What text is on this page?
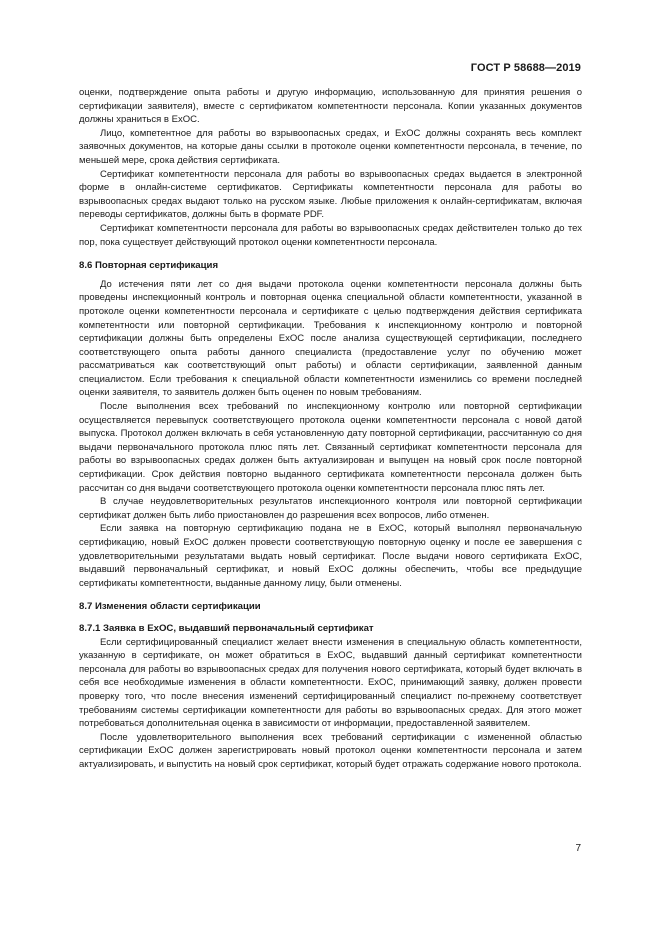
ГОСТ Р 58688—2019

оценки, подтверждение опыта работы и другую информацию, использованную для принятия решения о сертификации заявителя), вместе с сертификатом компетентности персонала. Копии указанных документов должны храниться в ExOC.

Лицо, компетентное для работы во взрывоопасных средах, и ExOC должны сохранять весь комплект заявочных документов, на которые даны ссылки в протоколе оценки компетентности персонала, в течение, по меньшей мере, срока действия сертификата.

Сертификат компетентности персонала для работы во взрывоопасных средах выдается в электронной форме в онлайн-системе сертификатов. Сертификаты компетентности персонала для работы во взрывоопасных средах выдают только на русском языке. Любые приложения к онлайн-сертификатам, включая переводы сертификатов, должны быть в формате PDF.

Сертификат компетентности персонала для работы во взрывоопасных средах действителен только до тех пор, пока существует действующий протокол оценки компетентности персонала.

8.6 Повторная сертификация

До истечения пяти лет со дня выдачи протокола оценки компетентности персонала должны быть проведены инспекционный контроль и повторная оценка специальной области компетентности, указанной в протоколе оценки компетентности персонала и сертификате с целью подтверждения действия сертификата компетентности или повторной сертификации. Требования к инспекционному контролю и повторной сертификации должны быть определены ExOC после анализа существующей сертификации, последнего соответствующего опыта работы данного специалиста (предоставление услуг по обучению может рассматриваться как соответствующий опыт работы) и области сертификации, заявленной данным специалистом. Если требования к специальной области компетентности изменились со времени последней оценки заявителя, то заявитель должен быть оценен по новым требованиям.

После выполнения всех требований по инспекционному контролю или повторной сертификации осуществляется перевыпуск соответствующего протокола оценки компетентности персонала с новой датой выпуска. Протокол должен включать в себя установленную дату повторной сертификации, рассчитанную со дня выдачи первоначального протокола плюс пять лет. Связанный сертификат компетентности персонала для работы во взрывоопасных средах должен быть актуализирован и выпущен на новый срок после повторной сертификации. Срок действия повторно выданного сертификата компетентности персонала должен быть рассчитан со дня выдачи соответствующего протокола оценки компетентности персонала плюс пять лет.

В случае неудовлетворительных результатов инспекционного контроля или повторной сертификации сертификат должен быть либо приостановлен до разрешения всех вопросов, либо отменен.

Если заявка на повторную сертификацию подана не в ExOC, который выполнял первоначальную сертификацию, новый ExOC должен провести соответствующую повторную оценку и после ее завершения с удовлетворительными результатами выдать новый сертификат. После выдачи нового сертификата ExOC, выдавший первоначальный сертификат, и новый ExOC должны обеспечить, чтобы все предыдущие сертификаты компетентности, выданные данному лицу, были отменены.

8.7 Изменения области сертификации
8.7.1 Заявка в ExOC, выдавший первоначальный сертификат

Если сертифицированный специалист желает внести изменения в специальную область компетентности, указанную в сертификате, он может обратиться в ExOC, выдавший данный сертификат компетентности персонала для работы во взрывоопасных средах для получения нового сертификата, который будет включать в себя все необходимые изменения в области компетентности. ExOC, принимающий заявку, должен провести проверку того, что после внесения изменений сертифицированный специалист по-прежнему соответствует требованиям системы сертификации компетентности для работы во взрывоопасных средах. Для этого может потребоваться дополнительная оценка в зависимости от информации, предоставленной заявителем.

После удовлетворительного выполнения всех требований сертификации с измененной областью сертификации ExOC должен зарегистрировать новый протокол оценки компетентности персонала и затем актуализировать, и выпустить на новый срок сертификат, который будет отражать содержание нового протокола.

7
